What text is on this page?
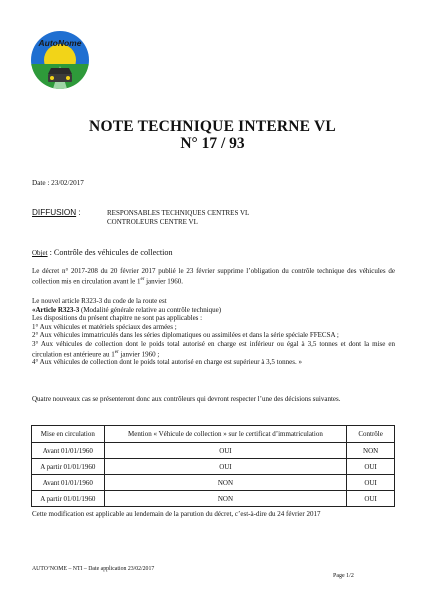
AutoNome
NOTE TECHNIQUE INTERNE VL
N° 17 / 93
Date : 23/02/2017
DIFFUSION :	RESPONSABLES TECHNIQUES CENTRES VL
CONTROLEURS CENTRE VL
Objet : Contrôle des véhicules de collection
Le décret n° 2017-208 du 20 février 2017 publié le 23 février supprime l’obligation du contrôle technique des véhicules de collection mis en circulation avant le 1er janvier 1960.
Le nouvel article R323-3 du code de la route est
«Article R323-3 (Modalité générale relative au contrôle technique)
Les dispositions du présent chapitre ne sont pas applicables :
1° Aux véhicules et matériels spéciaux des armées ;
2° Aux véhicules immatriculés dans les séries diplomatiques ou assimilées et dans la série spéciale FFECSA ;
3° Aux véhicules de collection dont le poids total autorisé en charge est inférieur ou égal à 3,5 tonnes et dont la mise en circulation est antérieure au 1er janvier 1960 ;
4° Aux véhicules de collection dont le poids total autorisé en charge est supérieur à 3,5 tonnes. »
Quatre nouveaux cas se présenteront donc aux contrôleurs qui devront respecter l’une des décisions suivantes.
Mise en circulation	Mention « Véhicule de collection » sur le certificat d’immatriculation	Contrôle
Avant 01/01/1960	OUI	NON
A partir 01/01/1960	OUI	OUI
Avant 01/01/1960	NON	OUI
A partir 01/01/1960	NON	OUI
Cette modification est applicable au lendemain de la parution du décret, c’est-à-dire du 24 février 2017
AUTO’NOME – NTI – Date application 23/02/2017
Page 1/2
